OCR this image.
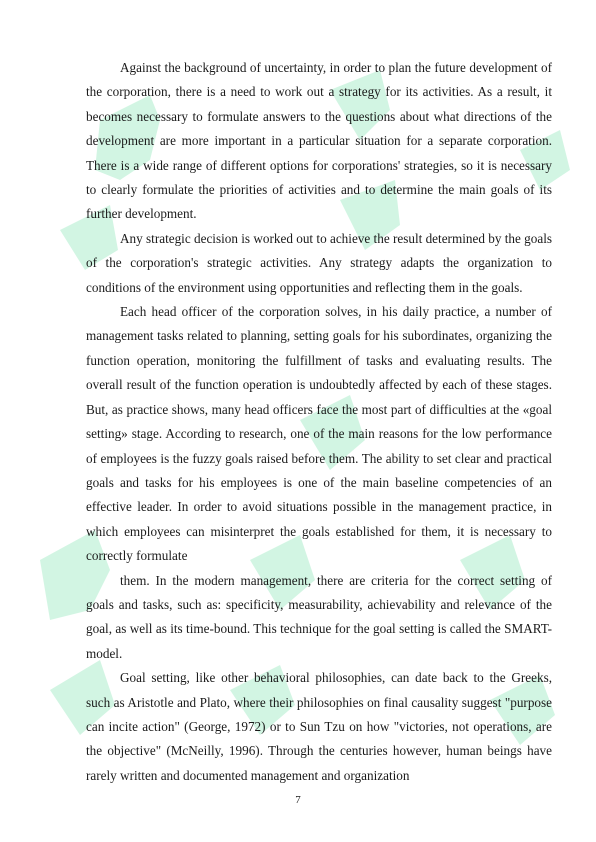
Against the background of uncertainty, in order to plan the future development of the corporation, there is a need to work out a strategy for its activities. As a result, it becomes necessary to formulate answers to the questions about what directions of the development are more important in a particular situation for a separate corporation. There is a wide range of different options for corporations' strategies, so it is necessary to clearly formulate the priorities of activities and to determine the main goals of its further development.

Any strategic decision is worked out to achieve the result determined by the goals of the corporation's strategic activities. Any strategy adapts the organization to conditions of the environment using opportunities and reflecting them in the goals.

Each head officer of the corporation solves, in his daily practice, a number of management tasks related to planning, setting goals for his subordinates, organizing the function operation, monitoring the fulfillment of tasks and evaluating results. The overall result of the function operation is undoubtedly affected by each of these stages. But, as practice shows, many head officers face the most part of difficulties at the «goal setting» stage. According to research, one of the main reasons for the low performance of employees is the fuzzy goals raised before them. The ability to set clear and practical goals and tasks for his employees is one of the main baseline competencies of an effective leader. In order to avoid situations possible in the management practice, in which employees can misinterpret the goals established for them, it is necessary to correctly formulate

them. In the modern management, there are criteria for the correct setting of goals and tasks, such as: specificity, measurability, achievability and relevance of the goal, as well as its time-bound. This technique for the goal setting is called the SMART-model.

Goal setting, like other behavioral philosophies, can date back to the Greeks, such as Aristotle and Plato, where their philosophies on final causality suggest "purpose can incite action" (George, 1972) or to Sun Tzu on how "victories, not operations, are the objective" (McNeilly, 1996). Through the centuries however, human beings have rarely written and documented management and organization

7
